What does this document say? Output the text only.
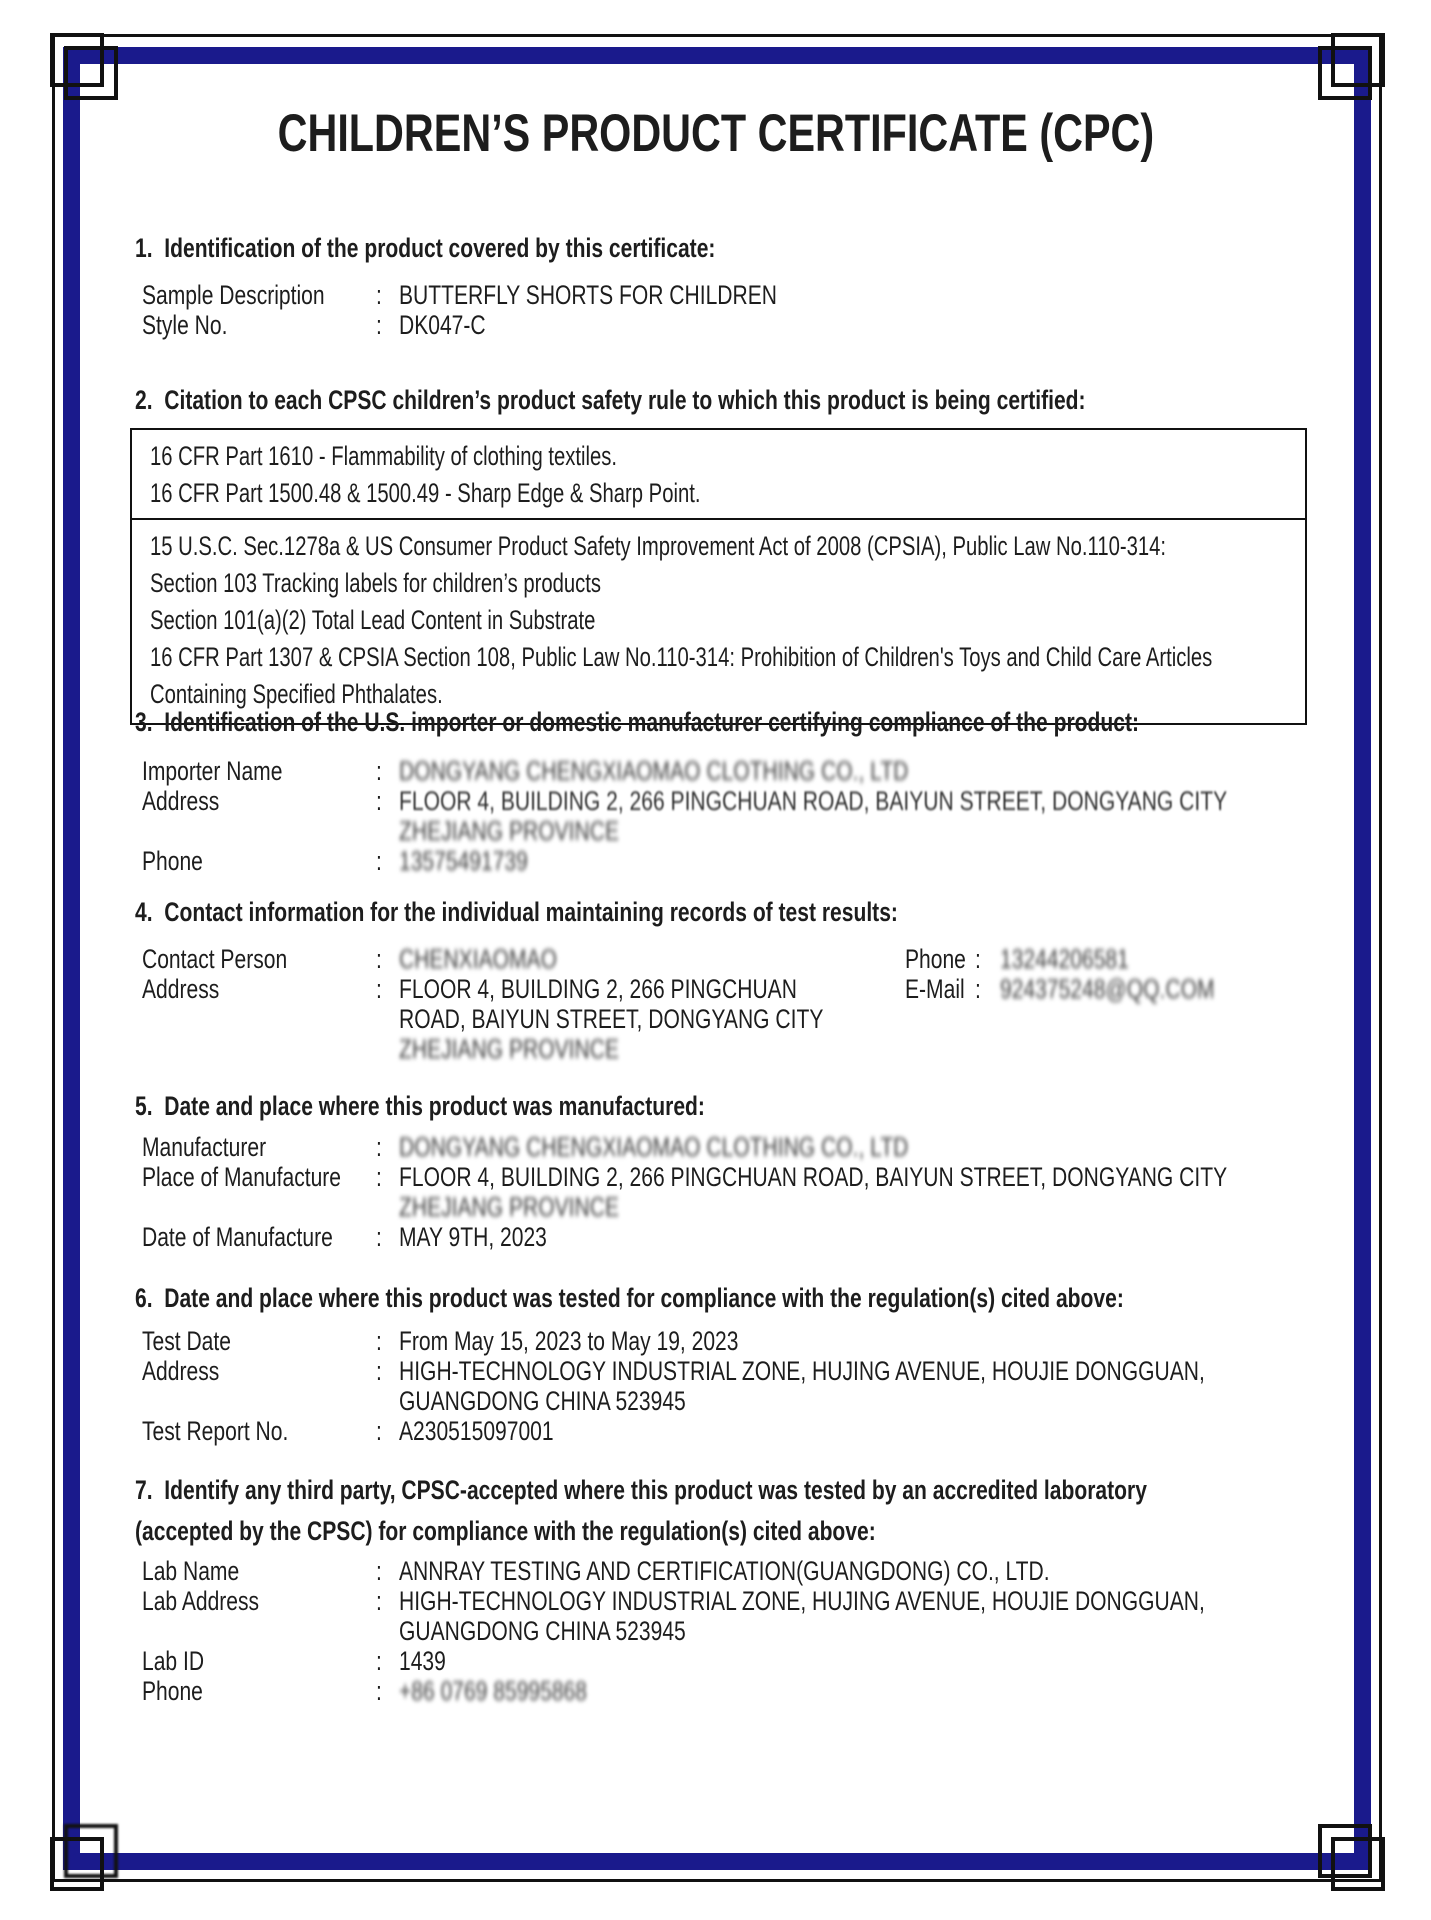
CHILDREN’S PRODUCT CERTIFICATE (CPC)
1.  Identification of the product covered by this certificate:
Sample Description	: BUTTERFLY SHORTS FOR CHILDREN
Style No.	: DK047-C
2.  Citation to each CPSC children’s product safety rule to which this product is being certified:
16 CFR Part 1610 - Flammability of clothing textiles.
16 CFR Part 1500.48 & 1500.49 - Sharp Edge & Sharp Point.
15 U.S.C. Sec.1278a & US Consumer Product Safety Improvement Act of 2008 (CPSIA), Public Law No.110-314:
Section 103 Tracking labels for children’s products
Section 101(a)(2) Total Lead Content in Substrate
16 CFR Part 1307 & CPSIA Section 108, Public Law No.110-314: Prohibition of Children's Toys and Child Care Articles
Containing Specified Phthalates.
3.  Identification of the U.S. importer or domestic manufacturer certifying compliance of the product:
Importer Name	: DONGYANG CHENGXIAOMAO CLOTHING CO., LTD
Address	: FLOOR 4, BUILDING 2, 266 PINGCHUAN ROAD, BAIYUN STREET, DONGYANG CITY
ZHEJIANG PROVINCE
Phone	: 13575491739
4.  Contact information for the individual maintaining records of test results:
Contact Person	: CHENXIAOMAO	Phone : 13244206581
Address	: FLOOR 4, BUILDING 2, 266 PINGCHUAN
ROAD, BAIYUN STREET, DONGYANG CITY
ZHEJIANG PROVINCE
E-Mail : 924375248@QQ.COM
5.  Date and place where this product was manufactured:
Manufacturer	: DONGYANG CHENGXIAOMAO CLOTHING CO., LTD
Place of Manufacture	: FLOOR 4, BUILDING 2, 266 PINGCHUAN ROAD, BAIYUN STREET, DONGYANG CITY
ZHEJIANG PROVINCE
Date of Manufacture	: MAY 9TH, 2023
6.  Date and place where this product was tested for compliance with the regulation(s) cited above:
Test Date	: From May 15, 2023 to May 19, 2023
Address	: HIGH-TECHNOLOGY INDUSTRIAL ZONE, HUJING AVENUE, HOUJIE DONGGUAN,
GUANGDONG CHINA 523945
Test Report No.	: A230515097001
7.  Identify any third party, CPSC-accepted where this product was tested by an accredited laboratory
(accepted by the CPSC) for compliance with the regulation(s) cited above:
Lab Name	: ANNRAY TESTING AND CERTIFICATION(GUANGDONG) CO., LTD.
Lab Address	: HIGH-TECHNOLOGY INDUSTRIAL ZONE, HUJING AVENUE, HOUJIE DONGGUAN,
GUANGDONG CHINA 523945
Lab ID	: 1439
Phone	: +86 0769 85995868
